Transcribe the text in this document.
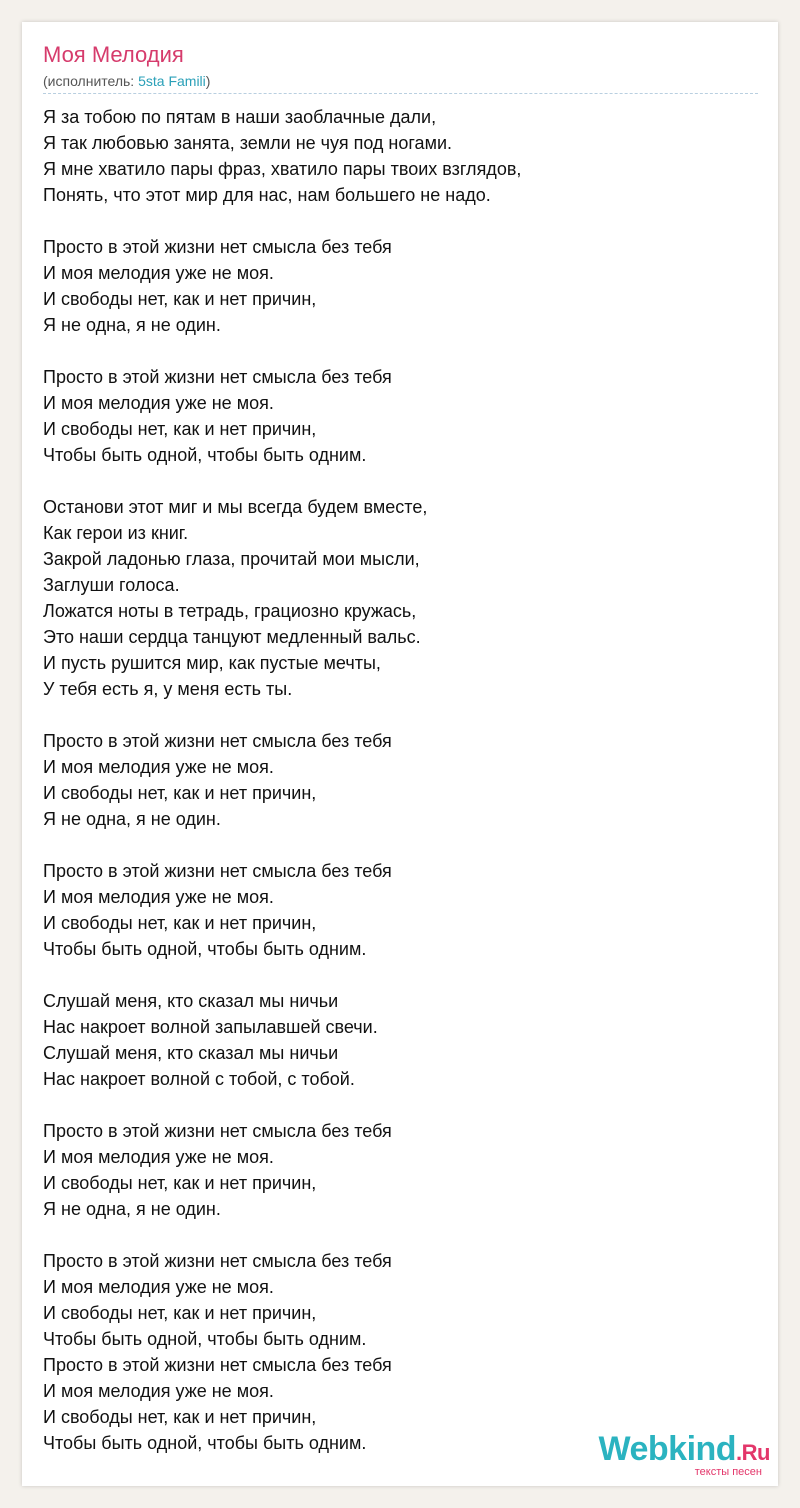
Моя Мелодия
(исполнитель: 5sta Famili)
Я за тобою по пятам в наши заоблачные дали,
Я так любовью занята, земли не чуя под ногами.
Я мне хватило пары фраз, хватило пары твоих взглядов,
Понять, что этот мир для нас, нам большего не надо.
Просто в этой жизни нет смысла без тебя
И моя мелодия уже не моя.
И свободы нет, как и нет причин,
Я не одна, я не один.
Просто в этой жизни нет смысла без тебя
И моя мелодия уже не моя.
И свободы нет, как и нет причин,
Чтобы быть одной, чтобы быть одним.
Останови этот миг и мы всегда будем вместе,
Как герои из книг.
Закрой ладонью глаза, прочитай мои мысли,
Заглуши голоса.
Ложатся ноты в тетрадь, грациозно кружась,
Это наши сердца танцуют медленный вальс.
И пусть рушится мир, как пустые мечты,
У тебя есть я, у меня есть ты.
Просто в этой жизни нет смысла без тебя
И моя мелодия уже не моя.
И свободы нет, как и нет причин,
Я не одна, я не один.
Просто в этой жизни нет смысла без тебя
И моя мелодия уже не моя.
И свободы нет, как и нет причин,
Чтобы быть одной, чтобы быть одним.
Слушай меня, кто сказал мы ничьи
Нас накроет волной запылавшей свечи.
Слушай меня, кто сказал мы ничьи
Нас накроет волной с тобой, с тобой.
Просто в этой жизни нет смысла без тебя
И моя мелодия уже не моя.
И свободы нет, как и нет причин,
Я не одна, я не один.
Просто в этой жизни нет смысла без тебя
И моя мелодия уже не моя.
И свободы нет, как и нет причин,
Чтобы быть одной, чтобы быть одним.
Просто в этой жизни нет смысла без тебя
И моя мелодия уже не моя.
И свободы нет, как и нет причин,
Чтобы быть одной, чтобы быть одним.	Webkind.Ru
тексты песен
